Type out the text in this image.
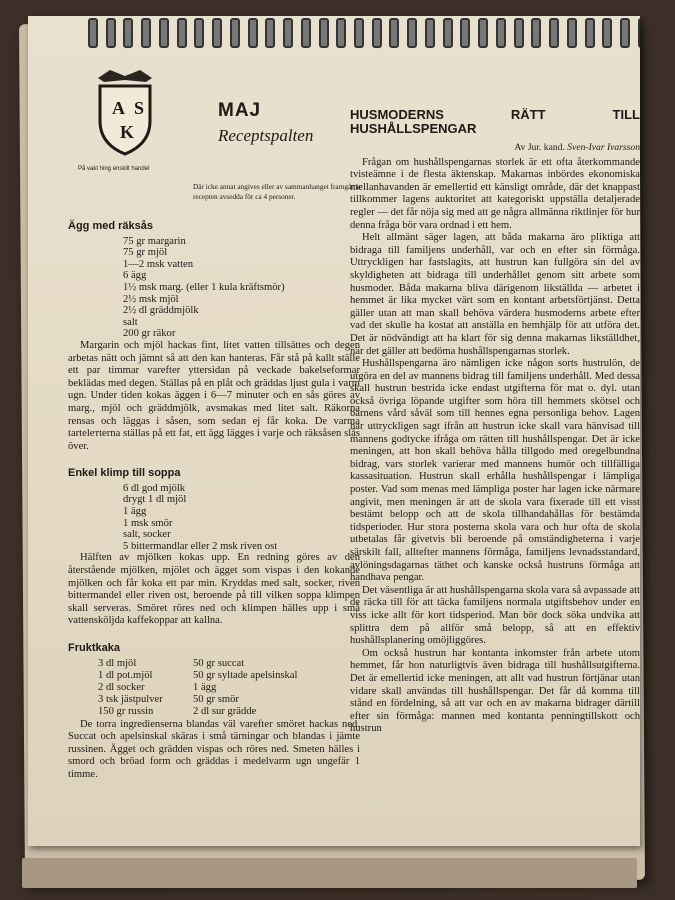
A S
K
På vakt hing enskilt handel
MAJ
Receptspalten
Där icke annat angives eller av sammanhanget framgår är recepten avsedda för ca 4 personer.
Ägg med räksås
75 gr margarin
75 gr mjöl
1—2 msk vatten
6 ägg
1½ msk marg. (eller 1 kula kräftsmör)
2½ msk mjöl
2½ dl gräddmjölk
salt
200 gr räkor

Margarin och mjöl hackas fint, litet vatten tillsättes och degen arbetas nätt och jämnt så att den kan hanteras. Får stå på kallt ställe ett par timmar varefter yttersidan på veckade bakelseformar beklädas med degen. Ställas på en plåt och gräddas ljust gula i varm ugn. Under tiden kokas äggen i 6—7 minuter och en sås göres av marg., mjöl och gräddmjölk, avsmakas med litet salt. Räkorna rensas och läggas i såsen, som sedan ej får koka. De varma tartelетterna ställas på ett fat, ett ägg lägges i varje och räksåsen slås över.

Enkel klimp till soppa
6 dl god mjölk
drygt 1 dl mjöl
1 ägg
1 msk smör
salt, socker
5 bittermandlar eller 2 msk riven ost

Hälften av mjölken kokas upp. En redning göres av den återstående mjölken, mjölet och ägget som vispas i den kokande mjölken och får koka ett par min. Kryddas med salt, socker, riven bittermandel eller riven ost, beroende på till vilken soppa klimpen skall serveras. Smöret röres ned och klimpen hälles upp i små vattensköljda kaffekoppar att kallna.

Fruktkaka
3 dl mjöl
1 dl pot.mjöl
2 dl socker
3 tsk jästpulver
150 gr russin
50 gr succat
50 gr syltade apelsinskal
1 ägg
50 gr smör
2 dl sur grädde

De torra ingredienserna blandas väl varefter smöret hackas ned. Succat och apelsinskal skäras i små tärningar och blandas i jämte russinen. Ägget och grädden vispas och röres ned. Smeten hälles i smord och bröad form och gräddas i medelvarm ugn ungefär 1 timme.

HUSMODERNS RÄTT TILL HUSHÅLLSPENGAR
Av Jur. kand. Sven-Ivar Ivarsson

Frågan om hushållspengarnas storlek är ett ofta återkommande tvisteämne i de flesta äktenskap. Makarnas inbördes ekonomiska mellanhavanden är emellertid ett känsligt område, där det knappast tillkommer lagens auktoritet att kategoriskt uppställa detaljerade regler — det får nöja sig med att ge några allmänna riktlinjer för hur denna fråga bör vara ordnad i ett hem.

Helt allmänt säger lagen, att båda makarna äro pliktiga att bidraga till familjens underhåll, var och en efter sin förmåga. Uttryckligen har fastslagits, att hustrun kan fullgöra sin del av skyldigheten att bidraga till underhållet genom sitt arbete som husmoder. Båda makarna bliva därigenom likställda — arbetet i hemmet är lika mycket värt som en kontant arbetsförtjänst. Detta gäller utan att man skall behöva värdera husmoderns arbete efter vad det skulle ha kostat att anställa en hemhjälp för att utföra det. Det är nödvändigt att ha klart för sig denna makarnas likställdhet, när det gäller att bedöma hushållspengarnas storlek.

Hushållspengarna äro nämligen icke någon sorts hustrulön, de utgöra en del av mannens bidrag till familjens underhåll. Med dessa skall hustrun bestrida icke endast utgifterna för mat o. dyl. utan också övriga löpande utgifter som höra till hemmets skötsel och barnens vård såväl som till hennes egna personliga behov. Lagen har uttryckligen sagt ifrån att hustrun icke skall vara hänvisad till mannens godtycke ifråga om rätten till hushållspengar. Det är icke meningen, att hon skall behöva hålla tillgodo med oregelbundna bidrag, vars storlek varierar med mannens humör och tillfälliga kassasituation. Hustrun skall erhålla hushållspengar i lämpliga poster. Vad som menas med lämpliga poster har lagen icke närmare angivit, men meningen är att de skola vara fixerade till ett visst bestämt belopp och att de skola tillhandahållas för bestämda tidsperioder. Hur stora posterna skola vara och hur ofta de skola utbetalas får givetvis bli beroende på omständigheterna i varje särskilt fall, alltefter mannens förmåga, familjens levnadsstandard, avlöningsdagarnas täthet och kanske också hustruns förmåga att handhava pengar.

Det väsentliga är att hushållspengarna skola vara så avpassade att de räcka till för att täcka familjens normala utgiftsbehov under en viss icke allt för kort tidsperiod. Man bör dock söka undvika att splittra dem på allför små belopp, så att en effektiv hushållsplanering omöjliggöres.

Om också hustrun har kontanta inkomster från arbete utom hemmet, får hon naturligtvis även bidraga till hushållsutgifterna. Det är emellertid icke meningen, att allt vad hustrun förtjänar utan vidare skall användas till hushållspengar. Det får då komma till stånd en fördelning, så att var och en av makarna bidrager därtill efter sin förmåga: mannen med kontanta penningtillskott och hustrun
